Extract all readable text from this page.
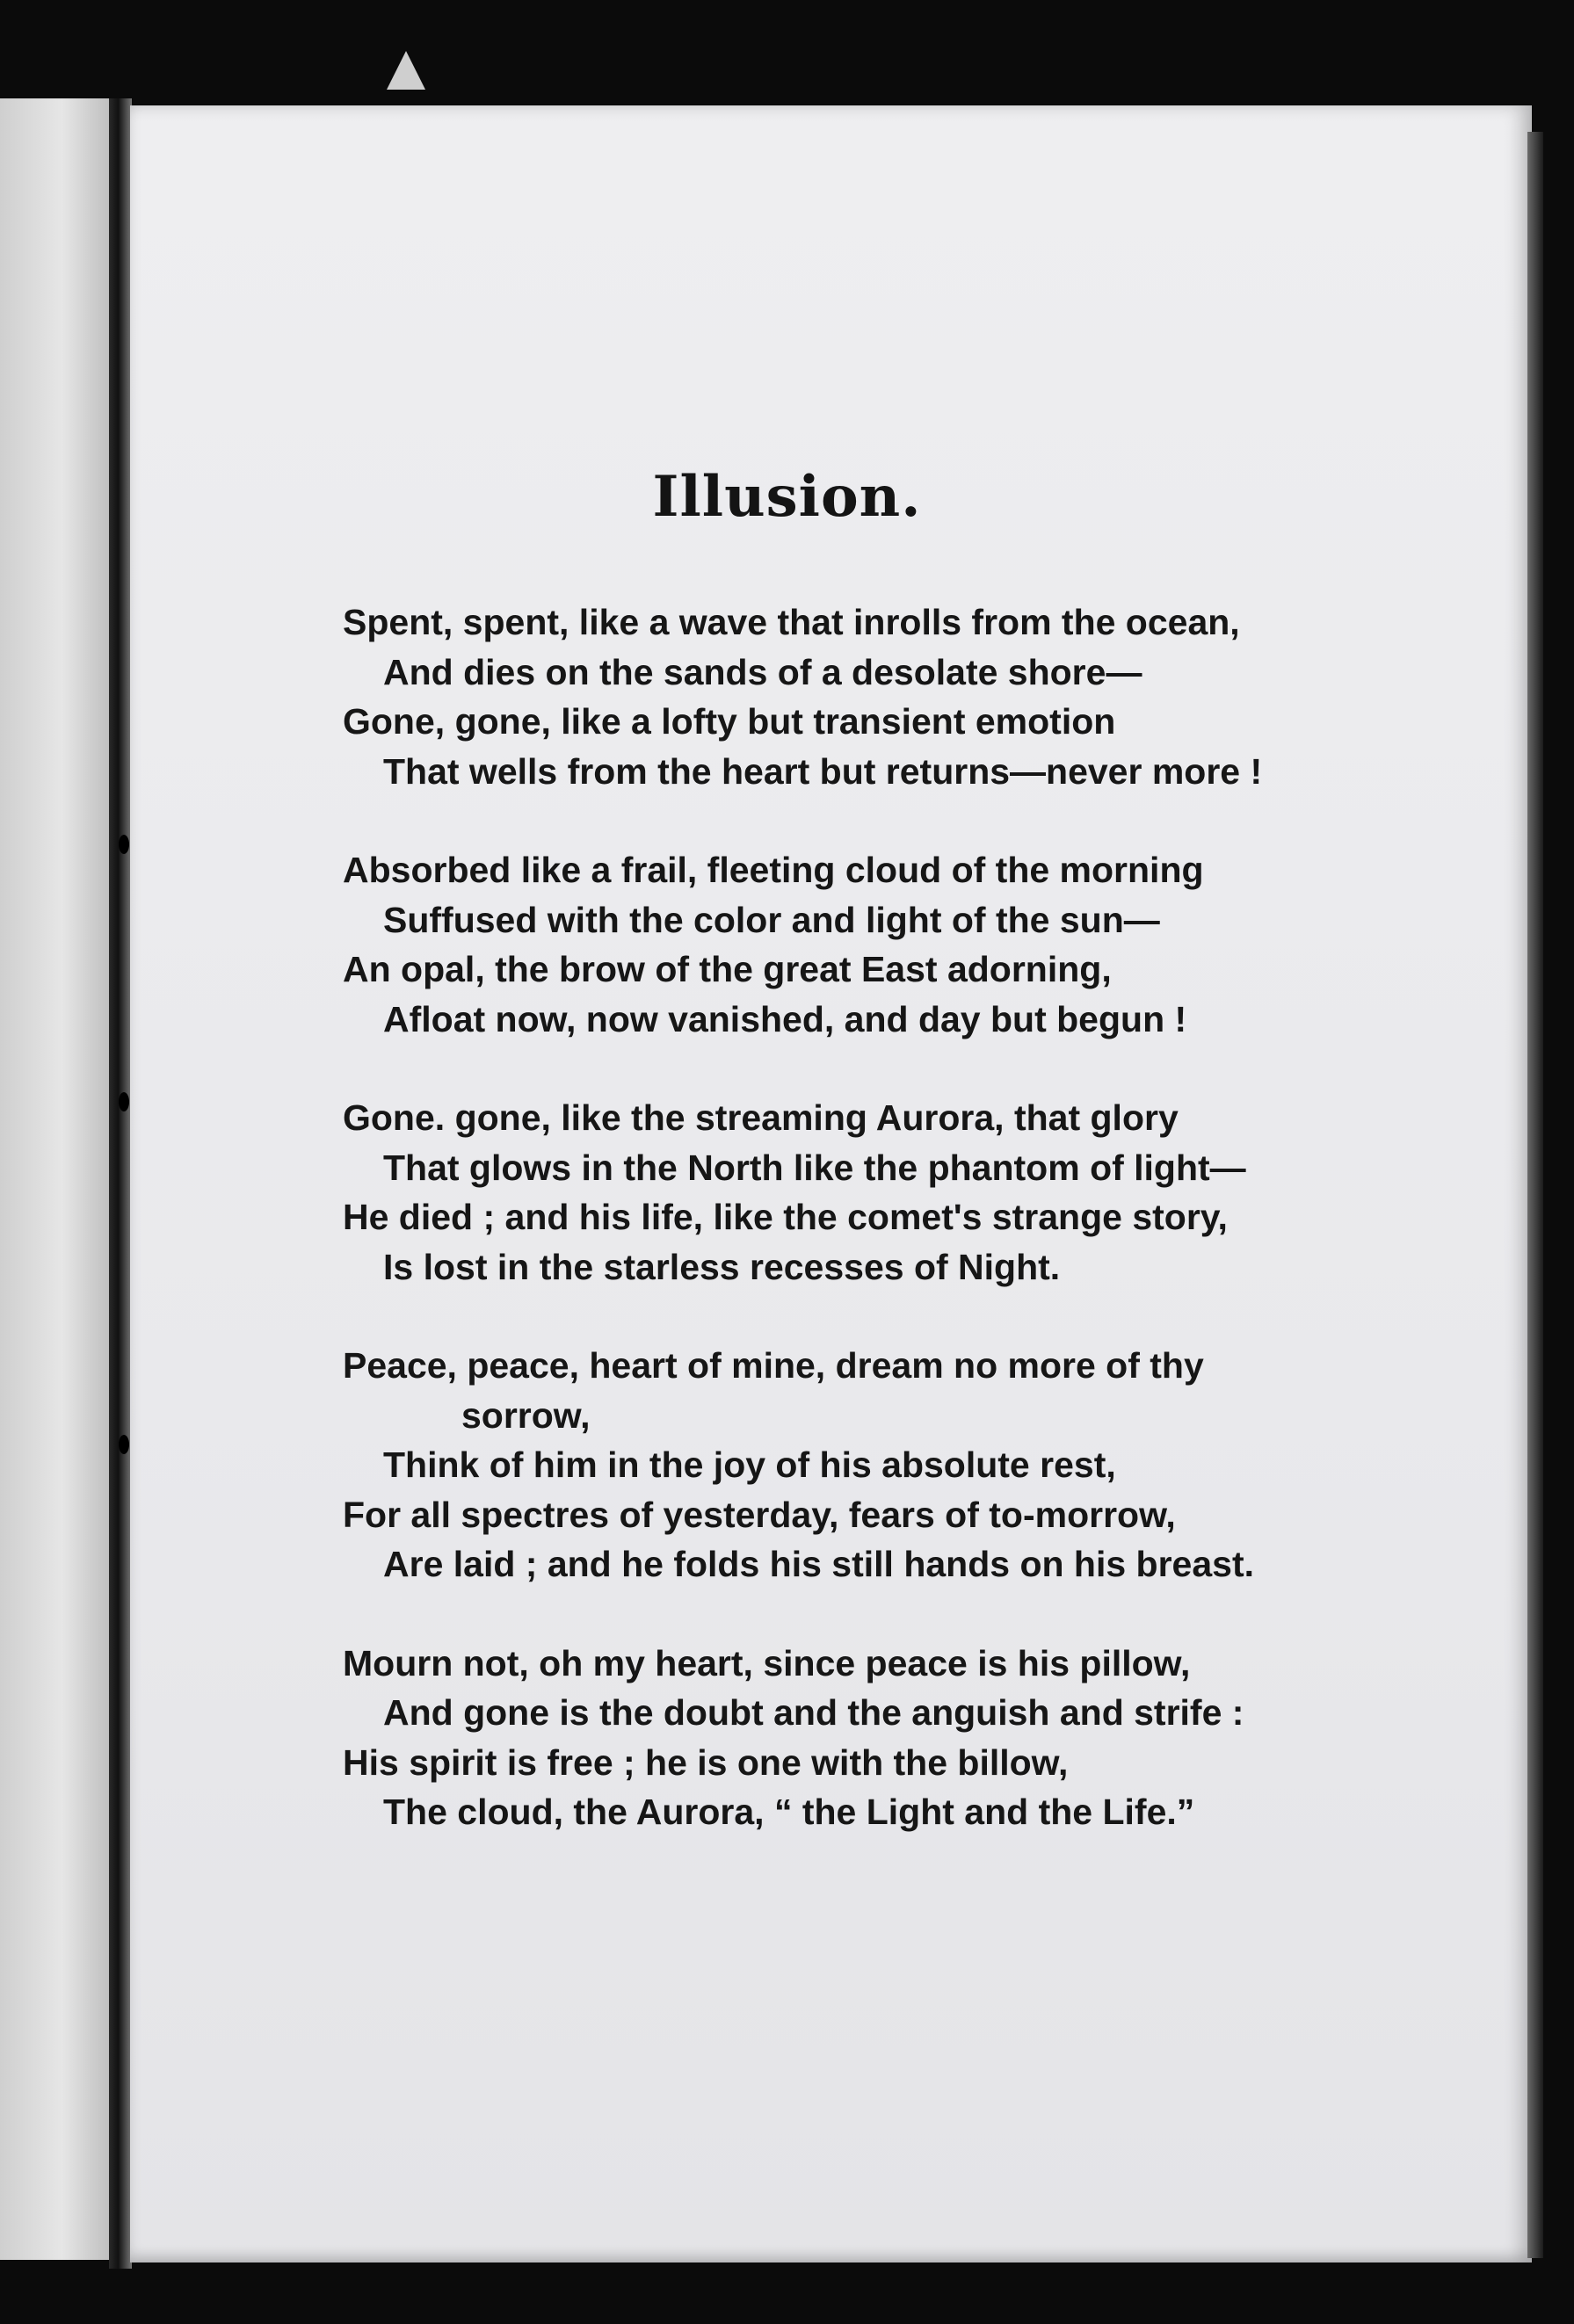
Illusion.
Spent, spent, like a wave that inrolls from the ocean,
And dies on the sands of a desolate shore—
Gone, gone, like a lofty but transient emotion
That wells from the heart but returns—never more !
Absorbed like a frail, fleeting cloud of the morning
Suffused with the color and light of the sun—
An opal, the brow of the great East adorning,
Afloat now, now vanished, and day but begun !
Gone. gone, like the streaming Aurora, that glory
That glows in the North like the phantom of light—
He died ; and his life, like the comet's strange story,
Is lost in the starless recesses of Night.
Peace, peace, heart of mine, dream no more of thy
sorrow,
Think of him in the joy of his absolute rest,
For all spectres of yesterday, fears of to-morrow,
Are laid ; and he folds his still hands on his breast.
Mourn not, oh my heart, since peace is his pillow,
And gone is the doubt and the anguish and strife :
His spirit is free ; he is one with the billow,
The cloud, the Aurora, “ the Light and the Life.”
